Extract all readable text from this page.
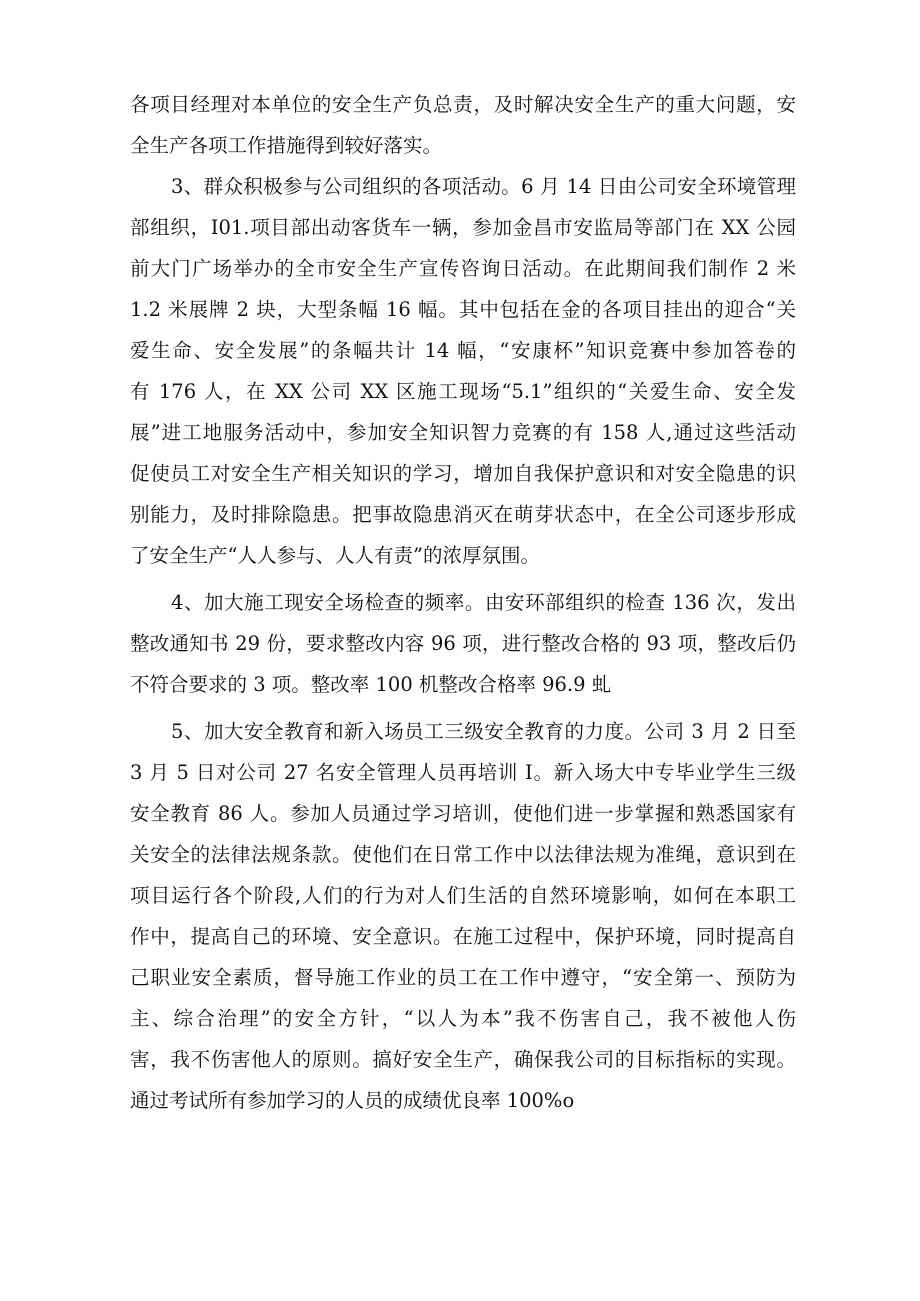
各项目经理对本单位的安全生产负总责，及时解决安全生产的重大问题，安
全生产各项工作措施得到较好落实。
3、群众积极参与公司组织的各项活动。6 月 14 日由公司安全环境管理
部组织，I01.项目部出动客货车一辆，参加金昌市安监局等部门在 XX 公园
前大门广场举办的全市安全生产宣传咨询日活动。在此期间我们制作 2 米
1.2 米展牌 2 块，大型条幅 16 幅。其中包括在金的各项目挂出的迎合“关
爱生命、安全发展”的条幅共计 14 幅，“安康杯”知识竞赛中参加答卷的
有 176 人，在 XX 公司 XX 区施工现场“5.1”组织的“关爱生命、安全发
展”进工地服务活动中，参加安全知识智力竞赛的有 158 人,通过这些活动
促使员工对安全生产相关知识的学习，增加自我保护意识和对安全隐患的识
别能力，及时排除隐患。把事故隐患消灭在萌芽状态中，在全公司逐步形成
了安全生产“人人参与、人人有责”的浓厚氛围。
4、加大施工现安全场检查的频率。由安环部组织的检查 136 次，发出
整改通知书 29 份，要求整改内容 96 项，进行整改合格的 93 项，整改后仍
不符合要求的 3 项。整改率 100 机整改合格率 96.9 虬
5、加大安全教育和新入场员工三级安全教育的力度。公司 3 月 2 日至
3 月 5 日对公司 27 名安全管理人员再培训 I。新入场大中专毕业学生三级
安全教育 86 人。参加人员通过学习培训，使他们进一步掌握和熟悉国家有
关安全的法律法规条款。使他们在日常工作中以法律法规为准绳，意识到在
项目运行各个阶段,人们的行为对人们生活的自然环境影响，如何在本职工
作中，提高自己的环境、安全意识。在施工过程中，保护环境，同时提高自
己职业安全素质，督导施工作业的员工在工作中遵守，“安全第一、预防为
主、综合治理”的安全方针，“以人为本”我不伤害自己，我不被他人伤
害，我不伤害他人的原则。搞好安全生产，确保我公司的目标指标的实现。
通过考试所有参加学习的人员的成绩优良率 100%o
